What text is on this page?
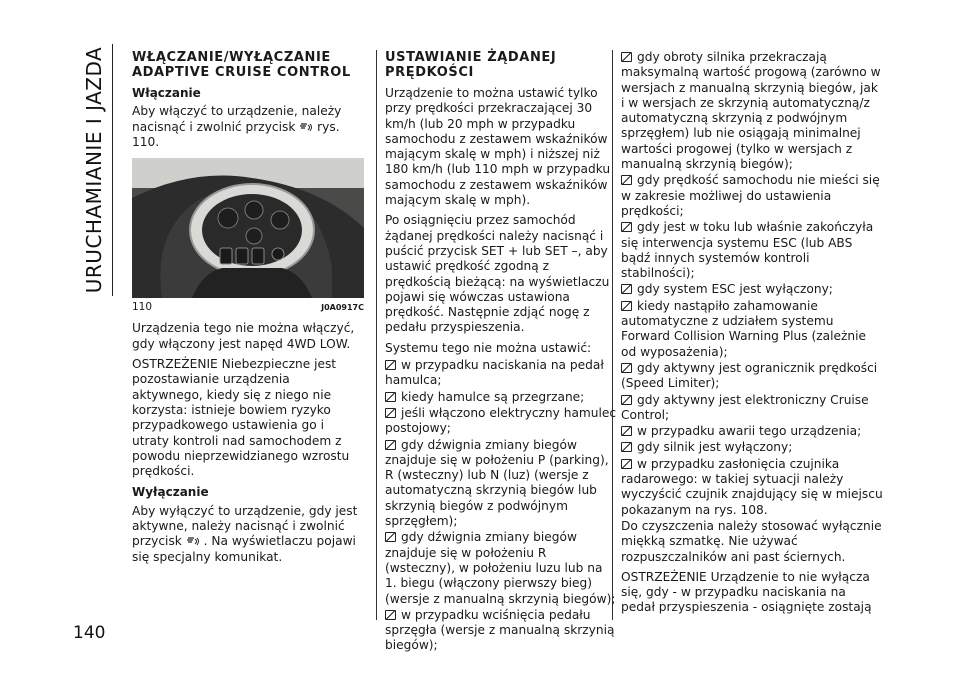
URUCHAMIANIE I JAZDA
140
WŁĄCZANIE/WYŁĄCZANIE ADAPTIVE CRUISE CONTROL
Włączanie

Aby włączyć to urządzenie, należy nacisnąć i zwolnić przycisk rys. 110.

110	J0A0917C

Urządzenia tego nie można włączyć, gdy włączony jest napęd 4WD LOW.

OSTRZEŻENIE Niebezpieczne jest pozostawianie urządzenia aktywnego, kiedy się z niego nie korzysta: istnieje bowiem ryzyko przypadkowego ustawienia go i utraty kontroli nad samochodem z powodu nieprzewidzianego wzrostu prędkości.

Wyłączanie

Aby wyłączyć to urządzenie, gdy jest aktywne, należy nacisnąć i zwolnić
przycisk . Na wyświetlaczu pojawi się specjalny komunikat.

USTAWIANIE ŻĄDANEJ PRĘDKOŚCI

Urządzenie to można ustawić tylko przy prędkości przekraczającej 30 km/h (lub 20 mph w przypadku samochodu z zestawem wskaźników mającym skalę w mph) i niższej niż 180 km/h (lub 110 mph w przypadku samochodu z zestawem wskaźników mającym skalę w mph).

Po osiągnięciu przez samochód żądanej prędkości należy nacisnąć i puścić przycisk SET + lub SET –, aby ustawić prędkość zgodną z prędkością bieżącą: na wyświetlaczu pojawi się wówczas ustawiona prędkość. Następnie zdjąć nogę z pedału przyspieszenia.

Systemu tego nie można ustawić:

w przypadku naciskania na pedał hamulca;
kiedy hamulce są przegrzane;
jeśli włączono elektryczny hamulec postojowy;
gdy dźwignia zmiany biegów znajduje się w położeniu P (parking), R (wsteczny) lub N (luz) (wersje z automatyczną skrzynią biegów lub skrzynią biegów z podwójnym sprzęgłem);
gdy dźwignia zmiany biegów znajduje się w położeniu R (wsteczny), w położeniu luzu lub na 1. biegu (włączony pierwszy bieg) (wersje z manualną skrzynią biegów);
w przypadku wciśnięcia pedału sprzęgła (wersje z manualną skrzynią biegów);
gdy obroty silnika przekraczają maksymalną wartość progową (zarówno w wersjach z manualną skrzynią biegów, jak i w wersjach ze skrzynią automatyczną/z automatyczną skrzynią z podwójnym sprzęgłem) lub nie osiągają minimalnej wartości progowej (tylko w wersjach z manualną skrzynią biegów);
gdy prędkość samochodu nie mieści się w zakresie możliwej do ustawienia prędkości;
gdy jest w toku lub właśnie zakończyła się interwencja systemu ESC (lub ABS bądź innych systemów kontroli stabilności);
gdy system ESC jest wyłączony;
kiedy nastąpiło zahamowanie automatyczne z udziałem systemu Forward Collision Warning Plus (zależnie od wyposażenia);
gdy aktywny jest ogranicznik prędkości (Speed Limiter);
gdy aktywny jest elektroniczny Cruise Control;
w przypadku awarii tego urządzenia;
gdy silnik jest wyłączony;
w przypadku zasłonięcia czujnika radarowego: w takiej sytuacji należy wyczyścić czujnik znajdujący się w miejscu pokazanym na rys. 108.

Do czyszczenia należy stosować wyłącznie miękką szmatkę. Nie używać rozpuszczalników ani past ściernych.

OSTRZEŻENIE Urządzenie to nie wyłącza się, gdy - w przypadku naciskania na pedał przyspieszenia - osiągnięte zostają
